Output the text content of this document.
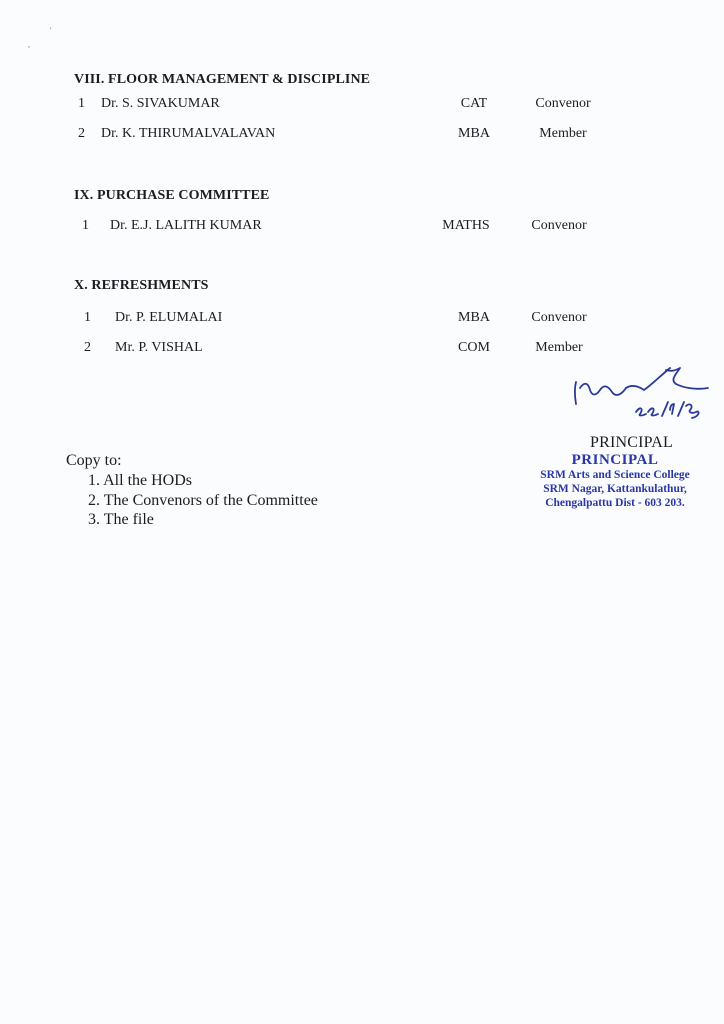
'
,
VIII. FLOOR MANAGEMENT & DISCIPLINE
1 Dr. S. SIVAKUMAR	CAT	Convenor
2 Dr. K. THIRUMALVALAVAN	MBA	Member
IX. PURCHASE COMMITTEE
1 Dr. E.J. LALITH KUMAR	MATHS	Convenor
X. REFRESHMENTS
1 Dr. P. ELUMALAI	MBA	Convenor
2 Mr. P. VISHAL	COM	Member
PRINCIPAL
PRINCIPAL
SRM Arts and Science College
SRM Nagar, Kattankulathur,
Chengalpattu Dist - 603 203.
Copy to:
1. All the HODs
2. The Convenors of the Committee
3. The file
